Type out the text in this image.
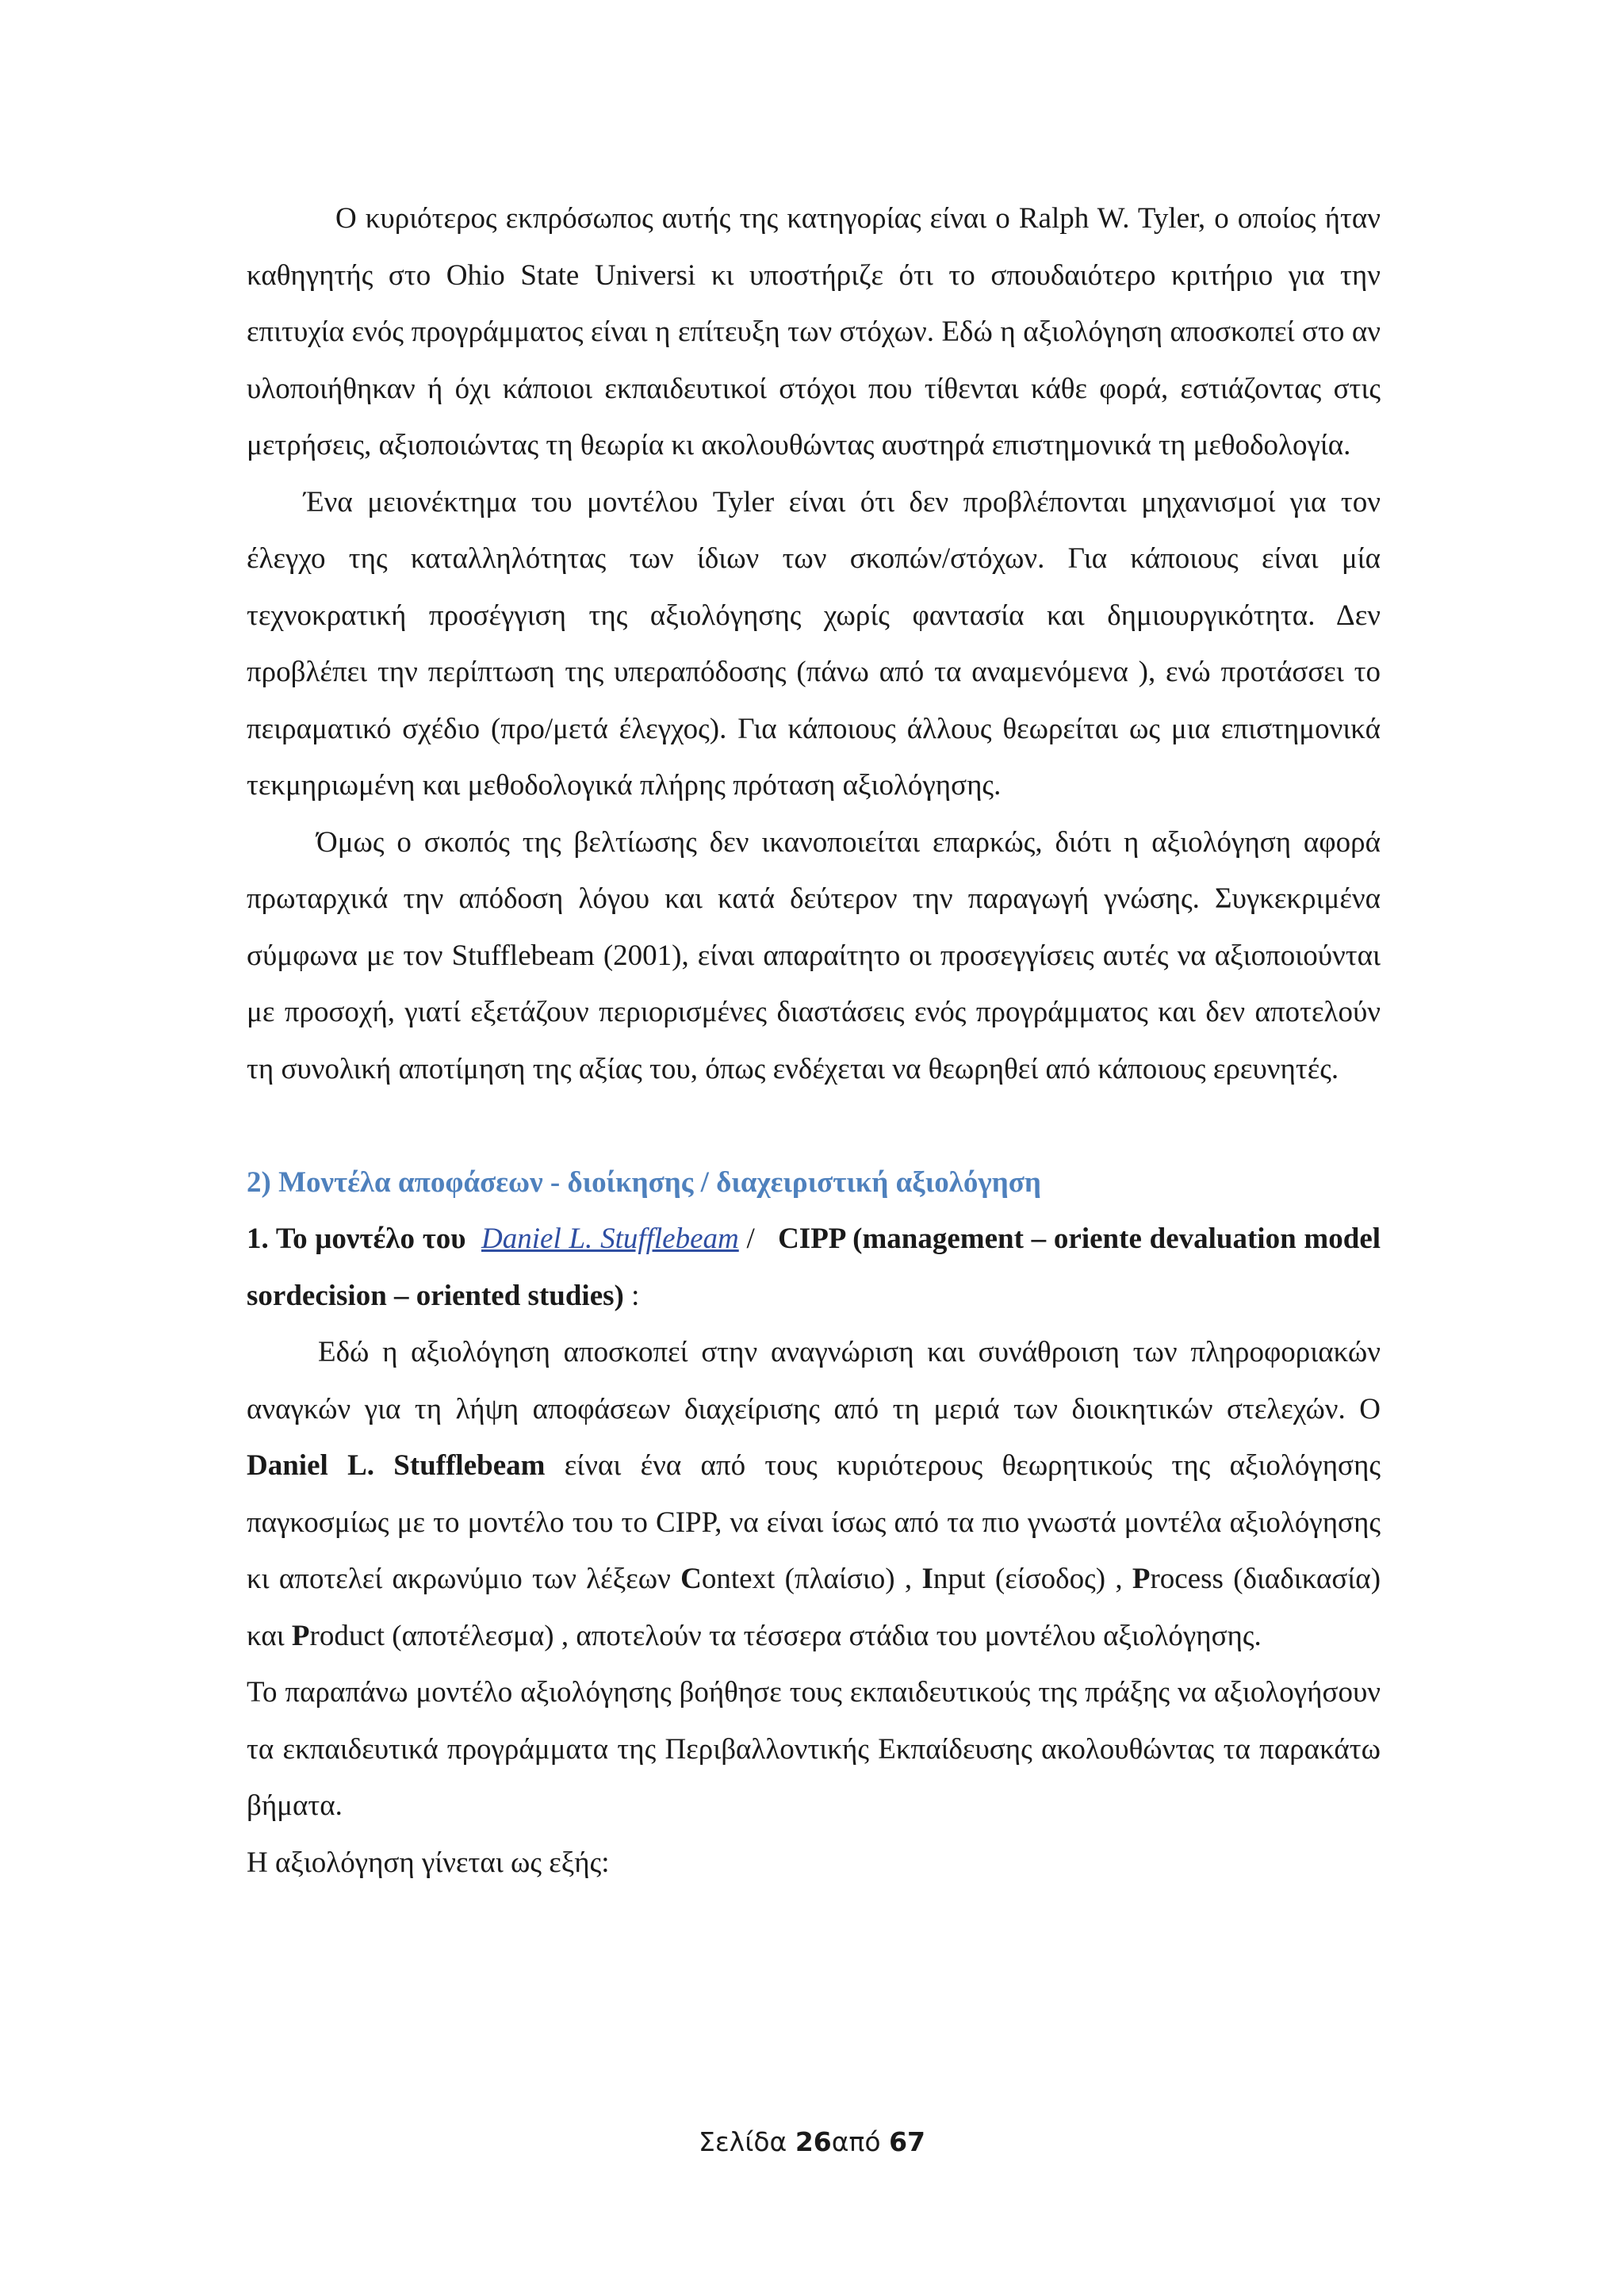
Ο κυριότερος εκπρόσωπος αυτής της κατηγορίας είναι ο Ralph W. Tyler, ο οποίος ήταν καθηγητής στο Ohio State Universi κι υποστήριζε ότι το σπουδαιότερο κριτήριο για την επιτυχία ενός προγράμματος είναι η επίτευξη των στόχων. Εδώ η αξιολόγηση αποσκοπεί στο αν υλοποιήθηκαν ή όχι κάποιοι εκπαιδευτικοί στόχοι που τίθενται κάθε φορά, εστιάζοντας στις μετρήσεις, αξιοποιώντας τη θεωρία κι ακολουθώντας αυστηρά επιστημονικά τη μεθοδολογία.

Ένα μειονέκτημα του μοντέλου Tyler είναι ότι δεν προβλέπονται μηχανισμοί για τον έλεγχο της καταλληλότητας των ίδιων των σκοπών/στόχων. Για κάποιους είναι μία τεχνοκρατική προσέγγιση της αξιολόγησης χωρίς φαντασία και δημιουργικότητα. Δεν προβλέπει την περίπτωση της υπεραπόδοσης (πάνω από τα αναμενόμενα ), ενώ προτάσσει το πειραματικό σχέδιο (προ/μετά έλεγχος). Για κάποιους άλλους θεωρείται ως μια επιστημονικά τεκμηριωμένη και μεθοδολογικά πλήρης πρόταση αξιολόγησης.

Όμως ο σκοπός της βελτίωσης δεν ικανοποιείται επαρκώς, διότι η αξιολόγηση αφορά πρωταρχικά την απόδοση λόγου και κατά δεύτερον την παραγωγή γνώσης. Συγκεκριμένα σύμφωνα με τον Stufflebeam (2001), είναι απαραίτητο οι προσεγγίσεις αυτές να αξιοποιούνται με προσοχή, γιατί εξετάζουν περιορισμένες διαστάσεις ενός προγράμματος και δεν αποτελούν τη συνολική αποτίμηση της αξίας του, όπως ενδέχεται να θεωρηθεί από κάποιους ερευνητές.

2) Μοντέλα αποφάσεων - διοίκησης / διαχειριστική αξιολόγηση

1. Το μοντέλο του Daniel L. Stufflebeam / CIPP (management – oriente devaluation model sordecision – oriented studies) :

Εδώ η αξιολόγηση αποσκοπεί στην αναγνώριση και συνάθροιση των πληροφοριακών αναγκών για τη λήψη αποφάσεων διαχείρισης από τη μεριά των διοικητικών στελεχών. Ο Daniel L. Stufflebeam είναι ένα από τους κυριότερους θεωρητικούς της αξιολόγησης παγκοσμίως με το μοντέλο του το CIPP, να είναι ίσως από τα πιο γνωστά μοντέλα αξιολόγησης κι αποτελεί ακρωνύμιο των λέξεων Context (πλαίσιο) , Input (είσοδος) , Process (διαδικασία) και Product (αποτέλεσμα) , αποτελούν τα τέσσερα στάδια του μοντέλου αξιολόγησης.

Το παραπάνω μοντέλο αξιολόγησης βοήθησε τους εκπαιδευτικούς της πράξης να αξιολογήσουν τα εκπαιδευτικά προγράμματα της Περιβαλλοντικής Εκπαίδευσης ακολουθώντας τα παρακάτω βήματα.

Η αξιολόγηση γίνεται ως εξής:

Σελίδα 26από 67
